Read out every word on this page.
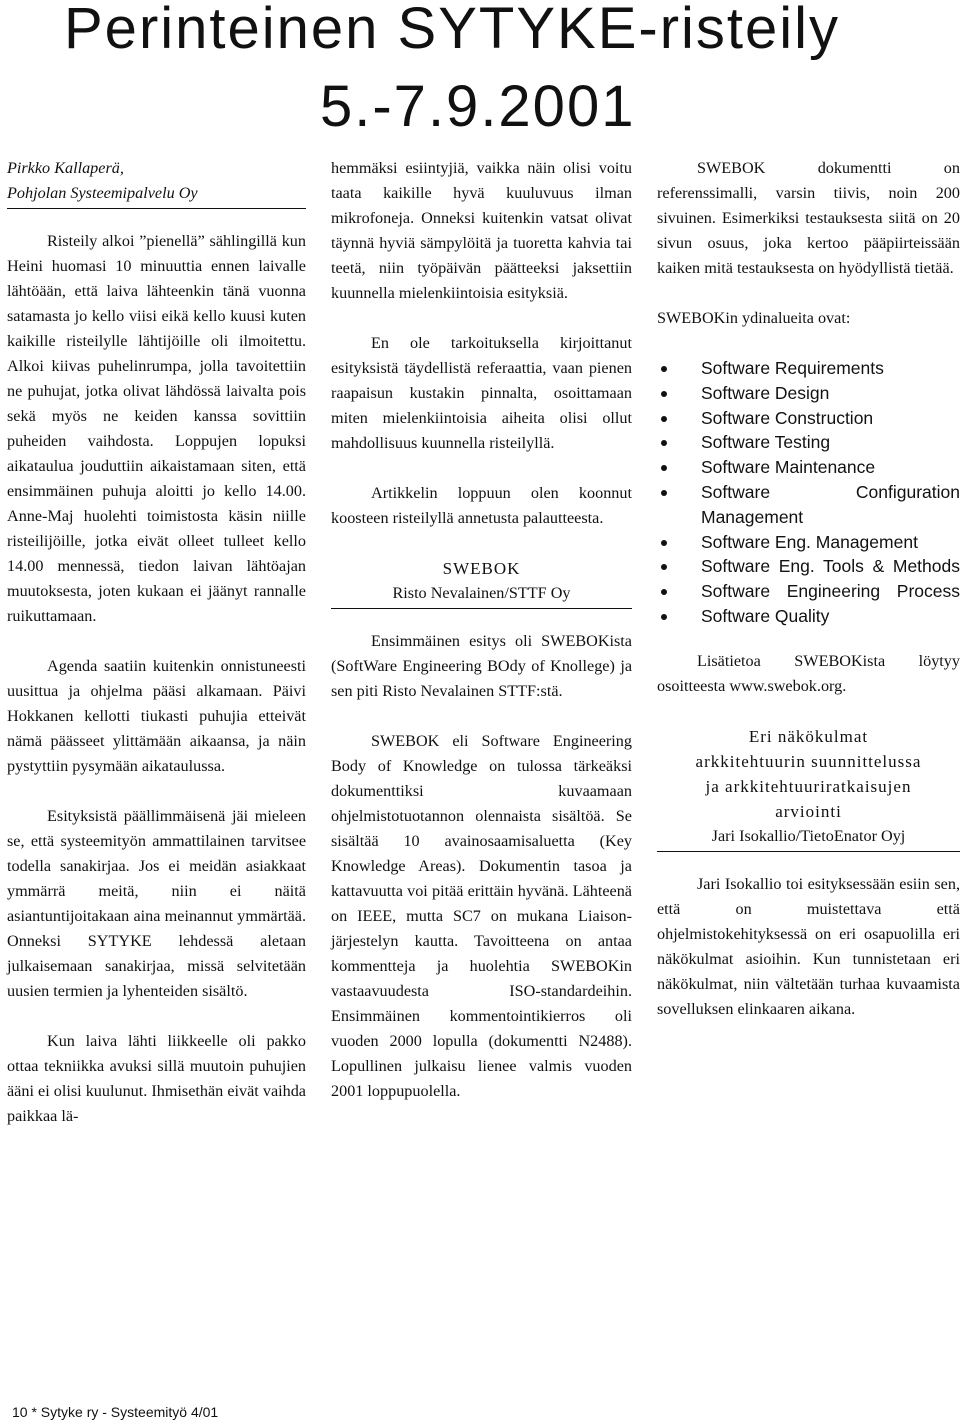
Perinteinen SYTYKE-risteily
5.-7.9.2001
Pirkko Kallaperä,
Pohjolan Systeemipalvelu Oy

Risteily alkoi ”pienellä” sählingillä kun Heini huomasi 10 minuuttia ennen laivalle lähtöään, että laiva lähteenkin tänä vuonna satamasta jo kello viisi eikä kello kuusi kuten kaikille risteilylle lähtijöille oli ilmoitettu. Alkoi kiivas puhelinrumpa, jolla tavoitettiin ne puhujat, jotka olivat lähdössä laivalta pois sekä myös ne keiden kanssa sovittiin puheiden vaihdosta. Loppujen lopuksi aikataulua jouduttiin aikaistamaan siten, että ensimmäinen puhuja aloitti jo kello 14.00. Anne-Maj huolehti toimistosta käsin niille risteilijöille, jotka eivät olleet tulleet kello 14.00 mennessä, tiedon laivan lähtöajan muutoksesta, joten kukaan ei jäänyt rannalle ruikuttamaan.

Agenda saatiin kuitenkin onnistuneesti uusittua ja ohjelma pääsi alkamaan. Päivi Hokkanen kellotti tiukasti puhujia etteivät nämä päässeet ylittämään aikaansa, ja näin pystyttiin pysymään aikataulussa.

Esityksistä päällimmäisenä jäi mieleen se, että systeemityön ammattilainen tarvitsee todella sanakirjaa. Jos ei meidän asiakkaat ymmärrä meitä, niin ei näitä asiantuntijoitakaan aina meinannut ymmärtää. Onneksi SYTYKE lehdessä aletaan julkaisemaan sanakirjaa, missä selvitetään uusien termien ja lyhenteiden sisältö.

Kun laiva lähti liikkeelle oli pakko ottaa tekniikka avuksi sillä muutoin puhujien ääni ei olisi kuulunut. Ihmisethän eivät vaihda paikkaa lä-

hemmäksi esiintyjiä, vaikka näin olisi voitu taata kaikille hyvä kuuluvuus ilman mikrofoneja. Onneksi kuitenkin vatsat olivat täynnä hyviä sämpylöitä ja tuoretta kahvia tai teetä, niin työpäivän päätteeksi jaksettiin kuunnella mielenkiintoisia esityksiä.

En ole tarkoituksella kirjoittanut esityksistä täydellistä referaattia, vaan pienen raapaisun kustakin pinnalta, osoittamaan miten mielenkiintoisia aiheita olisi ollut mahdollisuus kuunnella risteilyllä.

Artikkelin loppuun olen koonnut koosteen risteilyllä annetusta palautteesta.

SWEBOK
Risto Nevalainen/STTF Oy

Ensimmäinen esitys oli SWEBOKista (SoftWare Engineering BOdy of Knollege) ja sen piti Risto Nevalainen STTF:stä.

SWEBOK eli Software Engineering Body of Knowledge on tulossa tärkeäksi dokumenttiksi kuvaamaan ohjelmistotuotannon olennaista sisältöä. Se sisältää 10 avainosaamisaluetta (Key Knowledge Areas). Dokumentin tasoa ja kattavuutta voi pitää erittäin hyvänä. Lähteenä on IEEE, mutta SC7 on mukana Liaison-järjestelyn kautta. Tavoitteena on antaa kommentteja ja huolehtia SWEBOKin vastaavuudesta ISO-standardeihin. Ensimmäinen kommentointikierros oli vuoden 2000 lopulla (dokumentti N2488). Lopullinen julkaisu lienee valmis vuoden 2001 loppupuolella.

SWEBOK dokumentti on referenssimalli, varsin tiivis, noin 200 sivuinen. Esimerkiksi testauksesta siitä on 20 sivun osuus, joka kertoo pääpiirteissään kaiken mitä testauksesta on hyödyllistä tietää.

SWEBOKin ydinalueita ovat:

Software Requirements
Software Design
Software Construction
Software Testing
Software Maintenance
Software Configuration Management
Software Eng. Management
Software Eng. Tools & Methods
Software Engineering Process
Software Quality

Lisätietoa SWEBOKista löytyy osoitteesta www.swebok.org.

Eri näkökulmat
arkkitehtuurin suunnittelussa
ja arkkitehtuuriratkaisujen
arviointi
Jari Isokallio/TietoEnator Oyj

Jari Isokallio toi esityksessään esiin sen, että on muistettava että ohjelmistokehityksessä on eri osapuolilla eri näkökulmat asioihin. Kun tunnistetaan eri näkökulmat, niin vältetään turhaa kuvaamista sovelluksen elinkaaren aikana.

10 * Sytyke ry - Systeemityö 4/01
